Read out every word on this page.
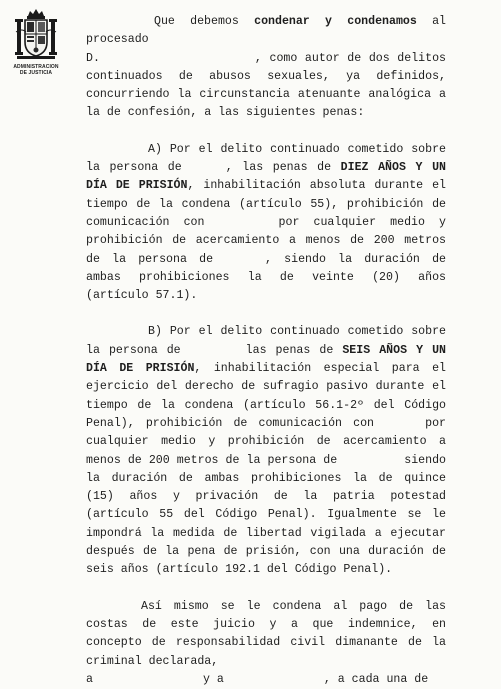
ADMINISTRACION
DE JUSTICIA

Que debemos condenar y condenamos al procesado
D.	, como autor de dos delitos continuados de abusos sexuales, ya definidos, concurriendo la circunstancia atenuante analógica a la de confesión, a las siguientes penas:

A) Por el delito continuado cometido sobre la persona de	, las penas de DIEZ AÑOS Y UN DÍA DE PRISIÓN, inhabilitación absoluta durante el tiempo de la condena (artículo 55), prohibición de comunicación con	por cualquier medio y prohibición de acercamiento a menos de 200 metros de la persona de	, siendo la duración de ambas prohibiciones la de veinte (20) años (artículo 57.1).

B) Por el delito continuado cometido sobre la persona de	las penas de SEIS AÑOS Y UN DÍA DE PRISIÓN, inhabilitación especial para el ejercicio del derecho de sufragio pasivo durante el tiempo de la condena (artículo 56.1-2º del Código Penal), prohibición de comunicación con	por cualquier medio y prohibición de acercamiento a menos de 200 metros de la persona de	siendo la duración de ambas prohibiciones la de quince (15) años y privación de la patria potestad (artículo 55 del Código Penal). Igualmente se le impondrá la medida de libertad vigilada a ejecutar después de la pena de prisión, con una duración de seis años (artículo 192.1 del Código Penal).

Así mismo se le condena al pago de las costas de este juicio y a que indemnice, en concepto de responsabilidad civil dimanante de la criminal declarada,
a	y a	, a cada una de
